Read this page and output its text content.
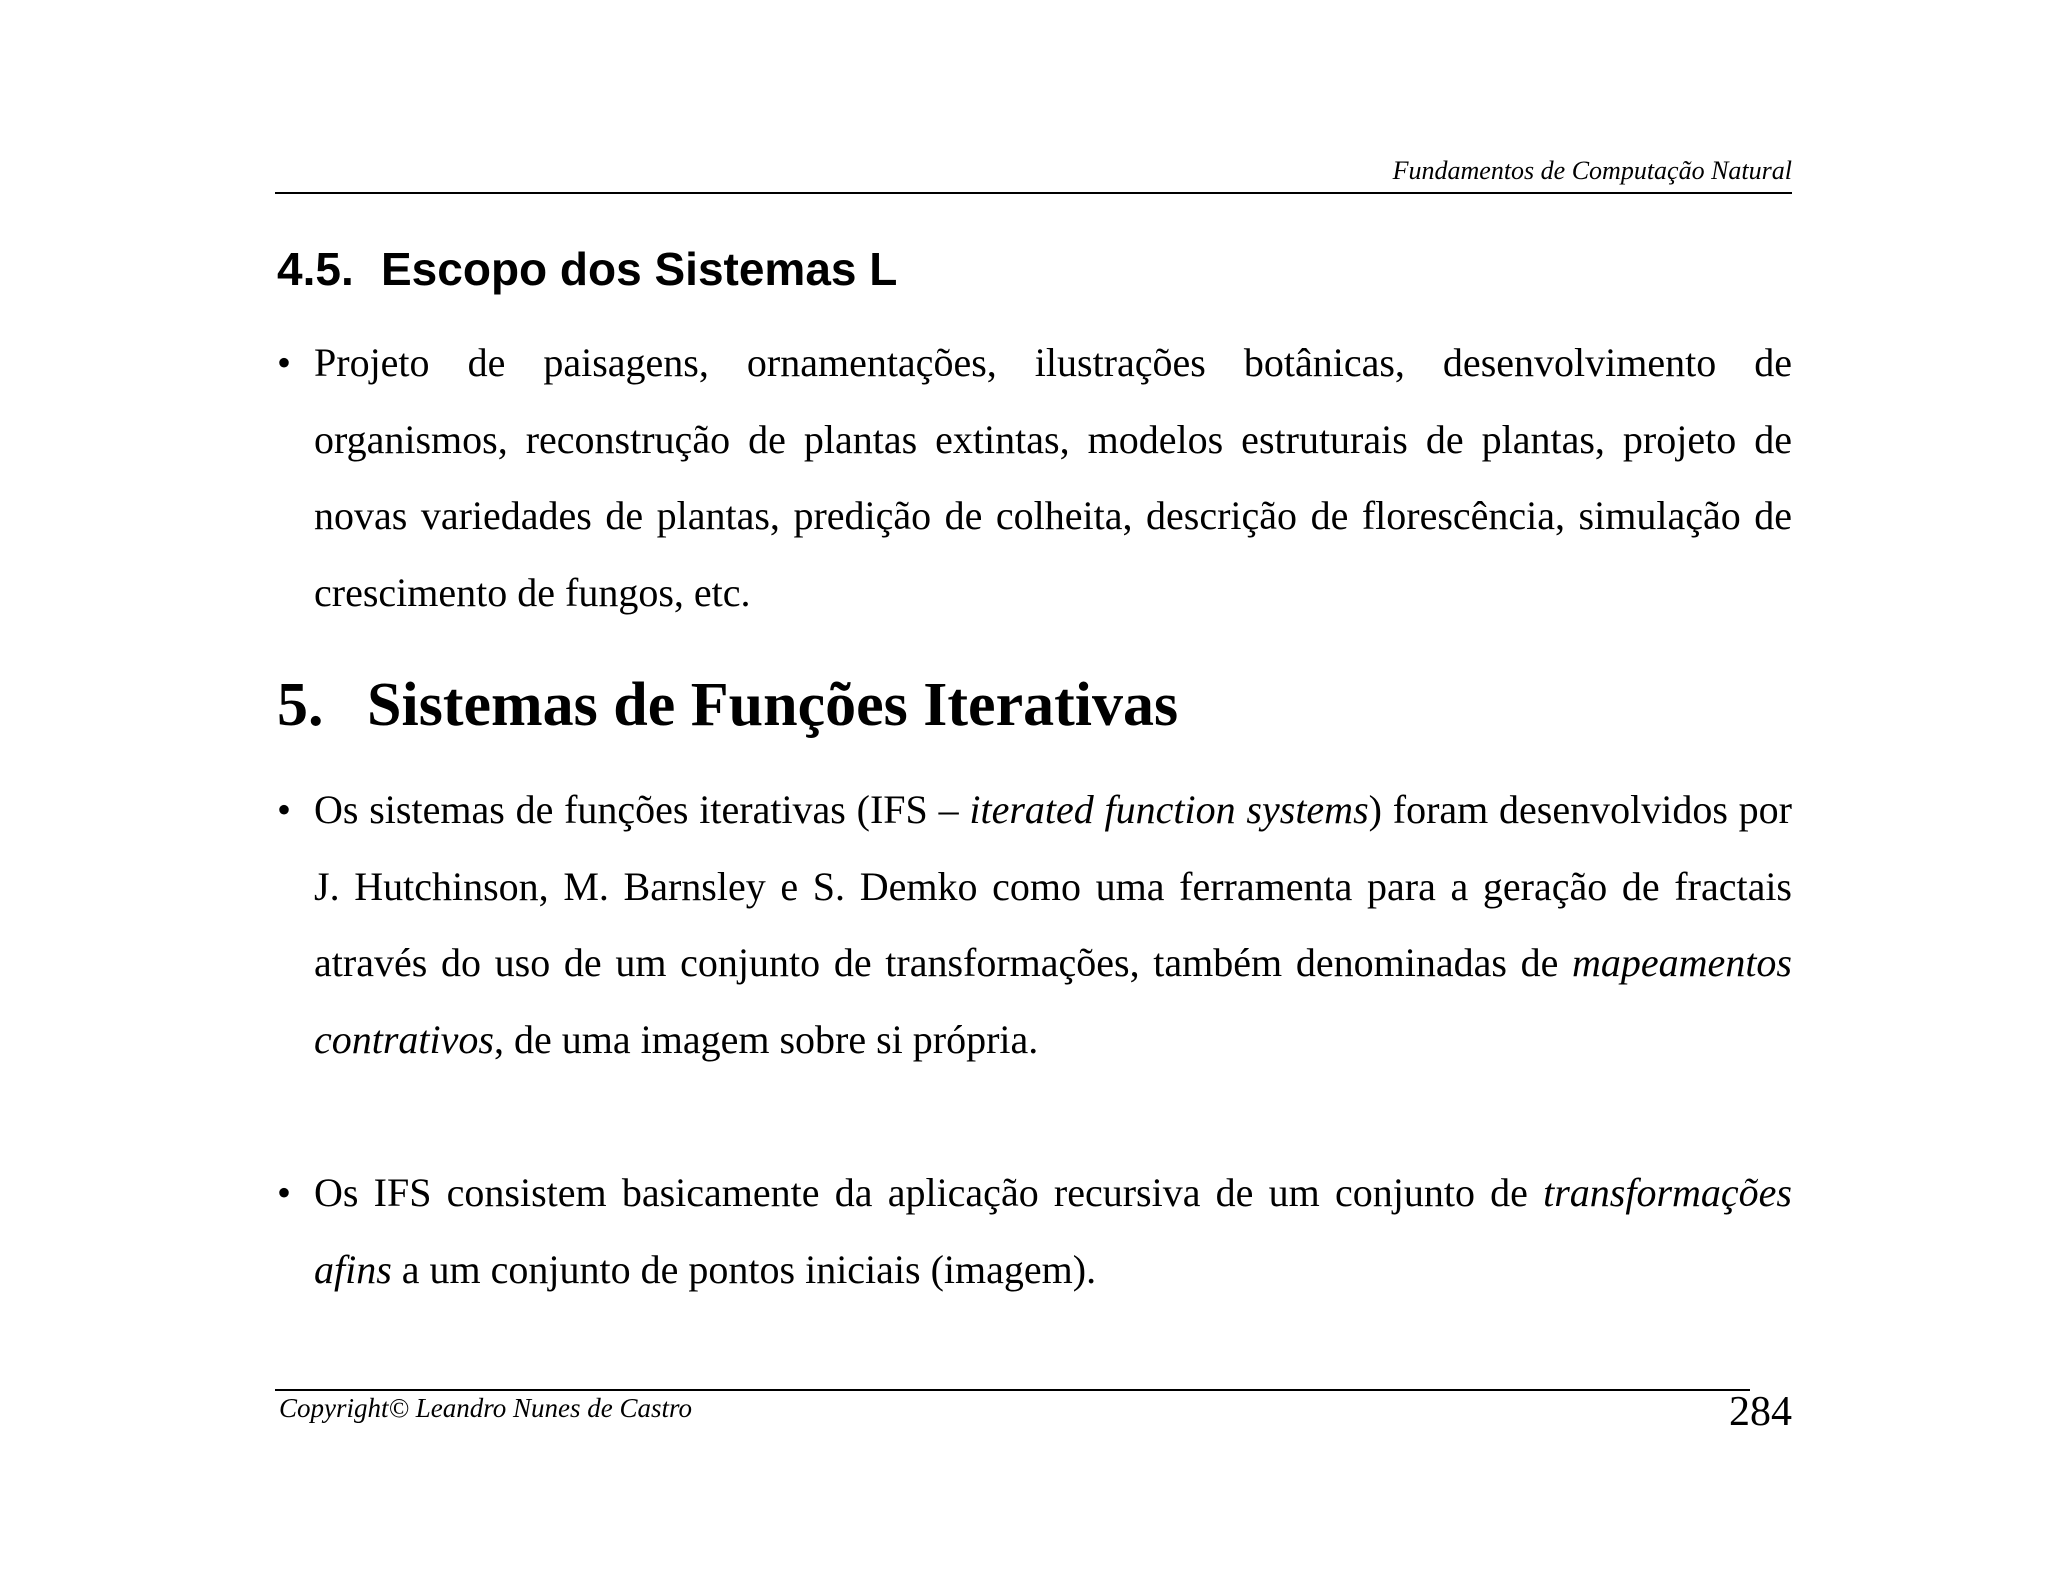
Fundamentos de Computação Natural
4.5. Escopo dos Sistemas L
• Projeto de paisagens, ornamentações, ilustrações botânicas, desenvolvimento de organismos, reconstrução de plantas extintas, modelos estruturais de plantas, projeto de novas variedades de plantas, predição de colheita, descrição de florescência, simulação de crescimento de fungos, etc.
5. Sistemas de Funções Iterativas
• Os sistemas de funções iterativas (IFS – iterated function systems) foram desenvolvidos por J. Hutchinson, M. Barnsley e S. Demko como uma ferramenta para a geração de fractais através do uso de um conjunto de transformações, também denominadas de mapeamentos contrativos, de uma imagem sobre si própria.
• Os IFS consistem basicamente da aplicação recursiva de um conjunto de transformações afins a um conjunto de pontos iniciais (imagem).
Copyright© Leandro Nunes de Castro	284
